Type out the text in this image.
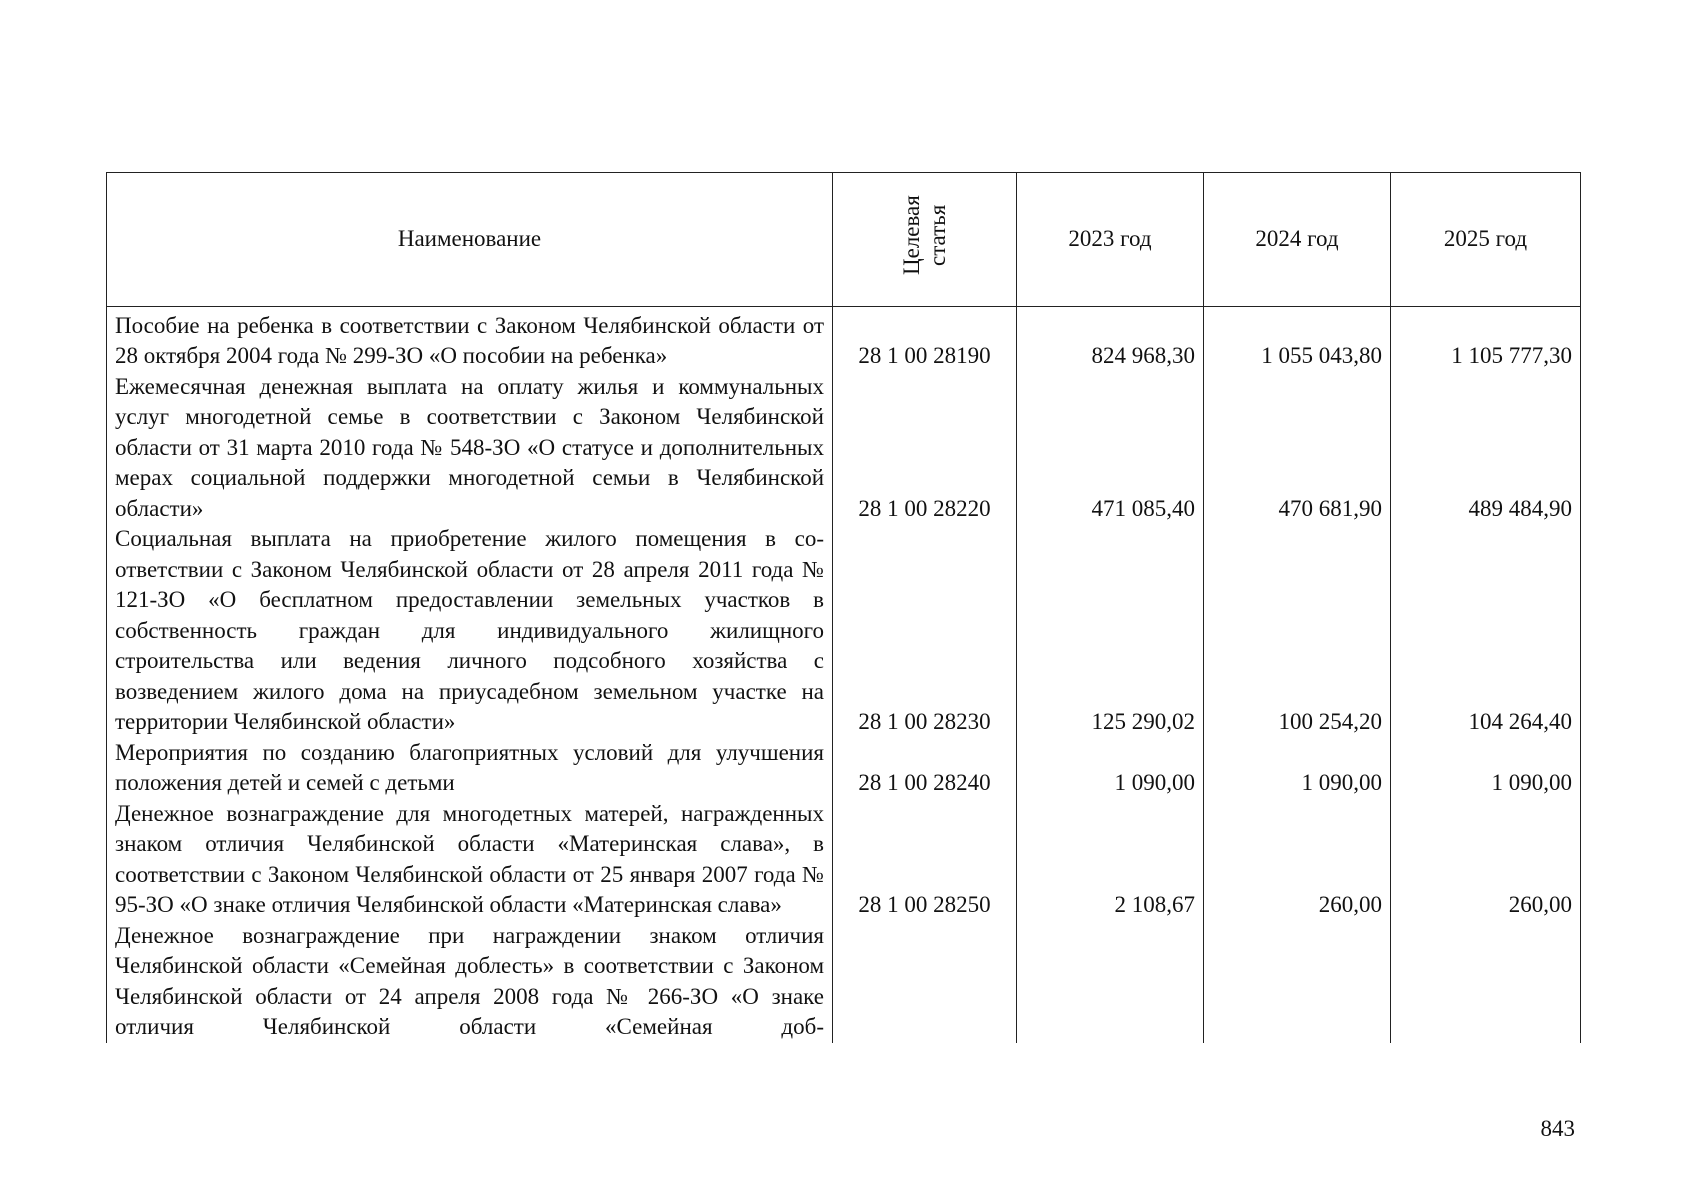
Наименование	Целевая статья	2023 год	2024 год	2025 год
Пособие на ребенка в соответствии с Законом Челябинской области от 28 октября 2004 года № 299-ЗО «О пособии на ребенка»	28 1 00 28190	824 968,30	1 055 043,80	1 105 777,30
Ежемесячная денежная выплата на оплату жилья и коммунальных услуг многодетной семье в соответствии с Законом Челябинской области от 31 марта 2010 года № 548-ЗО «О статусе и дополнительных мерах социальной поддержки многодетной семьи в Челябинской области»	28 1 00 28220	471 085,40	470 681,90	489 484,90
Социальная выплата на приобретение жилого помещения в соответствии с Законом Челябинской области от 28 апреля 2011 года № 121-ЗО «О бесплатном предоставлении земельных участков в собственность граждан для индивидуального жилищного строительства или ведения личного подсобного хозяйства с возведением жилого дома на приусадебном земельном участке на территории Челябинской области»	28 1 00 28230	125 290,02	100 254,20	104 264,40
Мероприятия по созданию благоприятных условий для улучшения положения детей и семей с детьми	28 1 00 28240	1 090,00	1 090,00	1 090,00
Денежное вознаграждение для многодетных матерей, награжденных знаком отличия Челябинской области «Материнская слава», в соответствии с Законом Челябинской области от 25 января 2007 года № 95-ЗО «О знаке отличия Челябинской области «Материнская слава»	28 1 00 28250	2 108,67	260,00	260,00
Денежное вознаграждение при награждении знаком отличия Челябинской области «Семейная доблесть» в соответствии с Законом Челябинской области от 24 апреля 2008 года № 266-ЗО «О знаке отличия Челябинской области «Семейная доб-				
843
